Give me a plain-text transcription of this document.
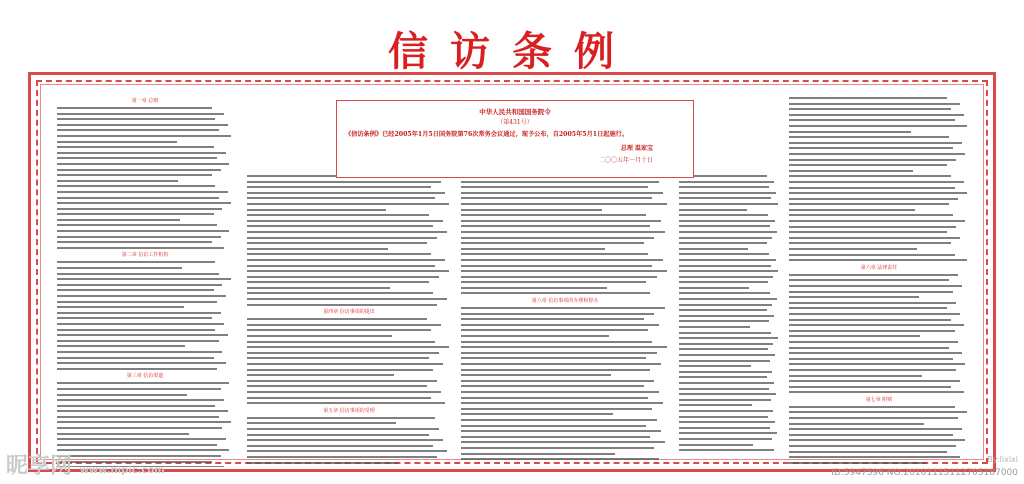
信访条例
第一章 总则
第二章 信访工作机构
第三章 信访渠道
第四章 信访事项的提出
第五章 信访事项的受理
第六章 信访事项的办理和督办
第六章 法律责任
第七章 附则
中华人民共和国国务院令
（第431号）
《信访条例》已经2005年1月5日国务院第76次常务会议通过，现予公布，自2005年5月1日起施行。
总理 温家宝
二〇〇五年一月十日
昵享网 www.nipic.com
By:lixixi
ID:5947596 NO:20101115112705187000
